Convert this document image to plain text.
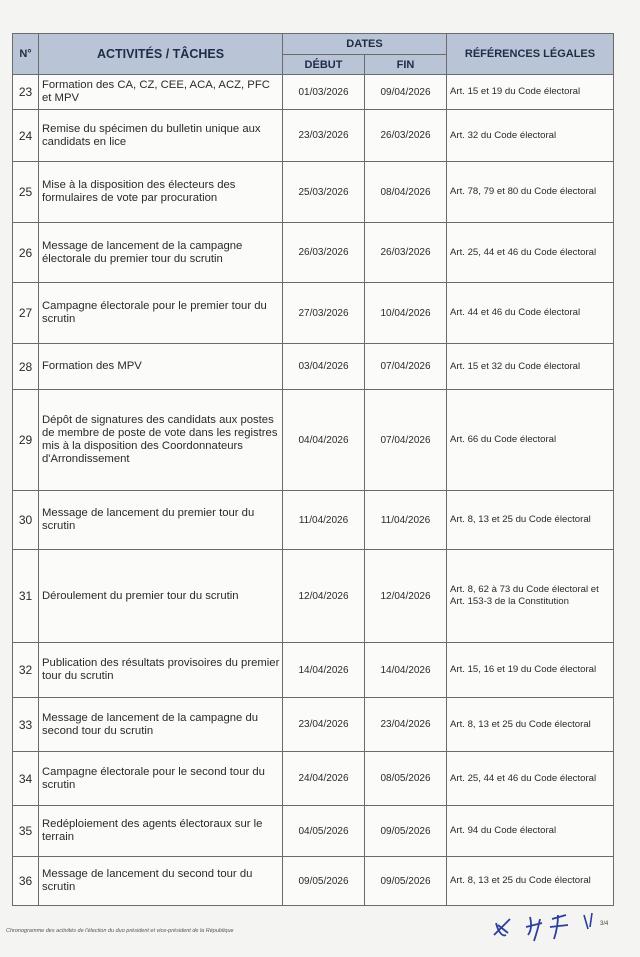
N°	ACTIVITÉS / TÂCHES	DATES		RÉFÉRENCES LÉGALES
		DÉBUT	FIN	
23	Formation des CA, CZ, CEE, ACA, ACZ, PFC et MPV	01/03/2026	09/04/2026	Art. 15 et 19 du Code électoral
24	Remise du spécimen du bulletin unique aux candidats en lice	23/03/2026	26/03/2026	Art. 32 du Code électoral
25	Mise à la disposition des électeurs des formulaires de vote par procuration	25/03/2026	08/04/2026	Art. 78, 79 et 80 du Code électoral
26	Message de lancement de la campagne électorale du premier tour du scrutin	26/03/2026	26/03/2026	Art. 25, 44 et 46 du Code électoral
27	Campagne électorale pour le premier tour du scrutin	27/03/2026	10/04/2026	Art. 44 et 46 du Code électoral
28	Formation des MPV	03/04/2026	07/04/2026	Art. 15 et 32 du Code électoral
29	Dépôt de signatures des candidats aux postes de membre de poste de vote dans les registres mis à la disposition des Coordonnateurs d'Arrondissement	04/04/2026	07/04/2026	Art. 66 du Code électoral
30	Message de lancement du premier tour du scrutin	11/04/2026	11/04/2026	Art. 8, 13 et 25 du Code électoral
31	Déroulement du premier tour du scrutin	12/04/2026	12/04/2026	Art. 8, 62 à 73 du Code électoral et Art. 153-3 de la Constitution
32	Publication des résultats provisoires du premier tour du scrutin	14/04/2026	14/04/2026	Art. 15, 16 et 19 du Code électoral
33	Message de lancement de la campagne du second tour du scrutin	23/04/2026	23/04/2026	Art. 8, 13 et 25 du Code électoral
34	Campagne électorale pour le second tour du scrutin	24/04/2026	08/05/2026	Art. 25, 44 et 46 du Code électoral
35	Redéploiement des agents électoraux sur le terrain	04/05/2026	09/05/2026	Art. 94 du Code électoral
36	Message de lancement du second tour du scrutin	09/05/2026	09/05/2026	Art. 8, 13 et 25 du Code électoral
Chronogramme des activités de l'élection du duo président et vice-président de la République
3/4
